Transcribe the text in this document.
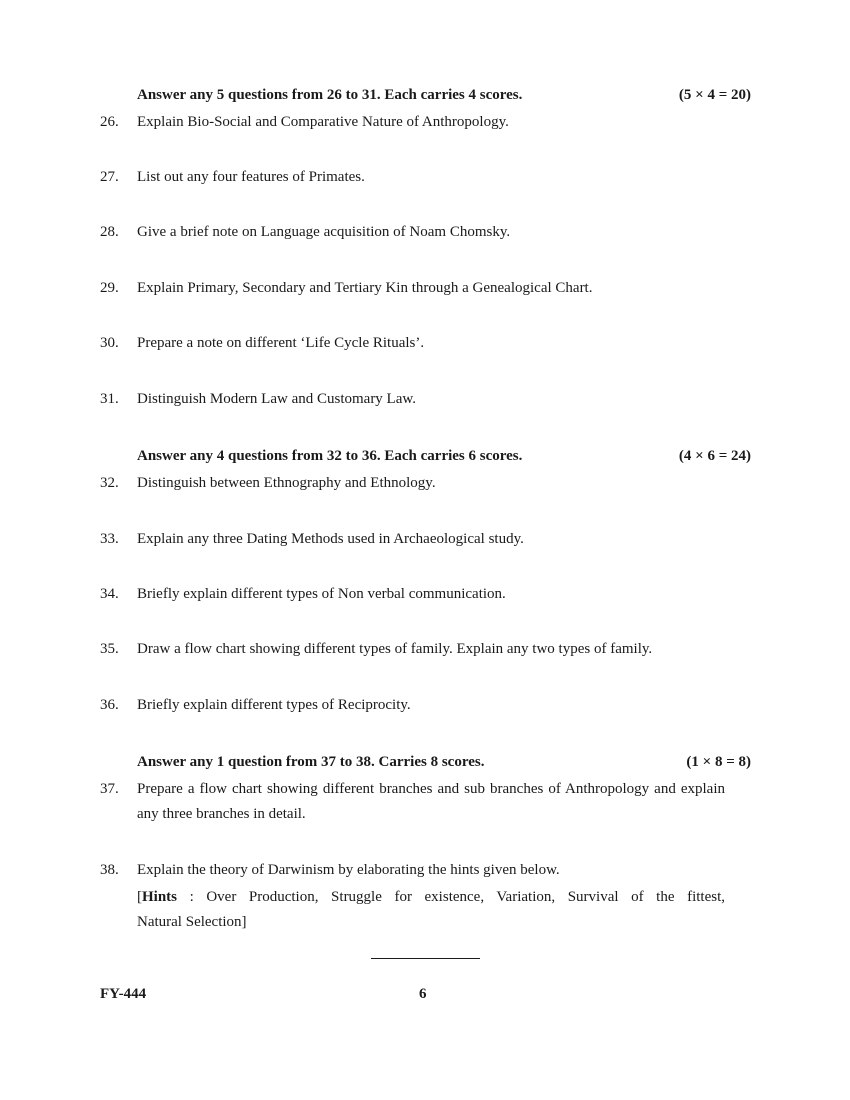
Answer any 5 questions from 26 to 31. Each carries 4 scores.	(5 × 4 = 20)
26. Explain Bio-Social and Comparative Nature of Anthropology.
27. List out any four features of Primates.
28. Give a brief note on Language acquisition of Noam Chomsky.
29. Explain Primary, Secondary and Tertiary Kin through a Genealogical Chart.
30. Prepare a note on different ‘Life Cycle Rituals’.
31. Distinguish Modern Law and Customary Law.
Answer any 4 questions from 32 to 36. Each carries 6 scores.	(4 × 6 = 24)
32. Distinguish between Ethnography and Ethnology.
33. Explain any three Dating Methods used in Archaeological study.
34. Briefly explain different types of Non verbal communication.
35. Draw a flow chart showing different types of family. Explain any two types of family.
36. Briefly explain different types of Reciprocity.
Answer any 1 question from 37 to 38. Carries 8 scores.	(1 × 8 = 8)
37. Prepare a flow chart showing different branches and sub branches of Anthropology and explain any three branches in detail.
38. Explain the theory of Darwinism by elaborating the hints given below.
[Hints : Over Production, Struggle for existence, Variation, Survival of the fittest,
Natural Selection]
FY-444	6
